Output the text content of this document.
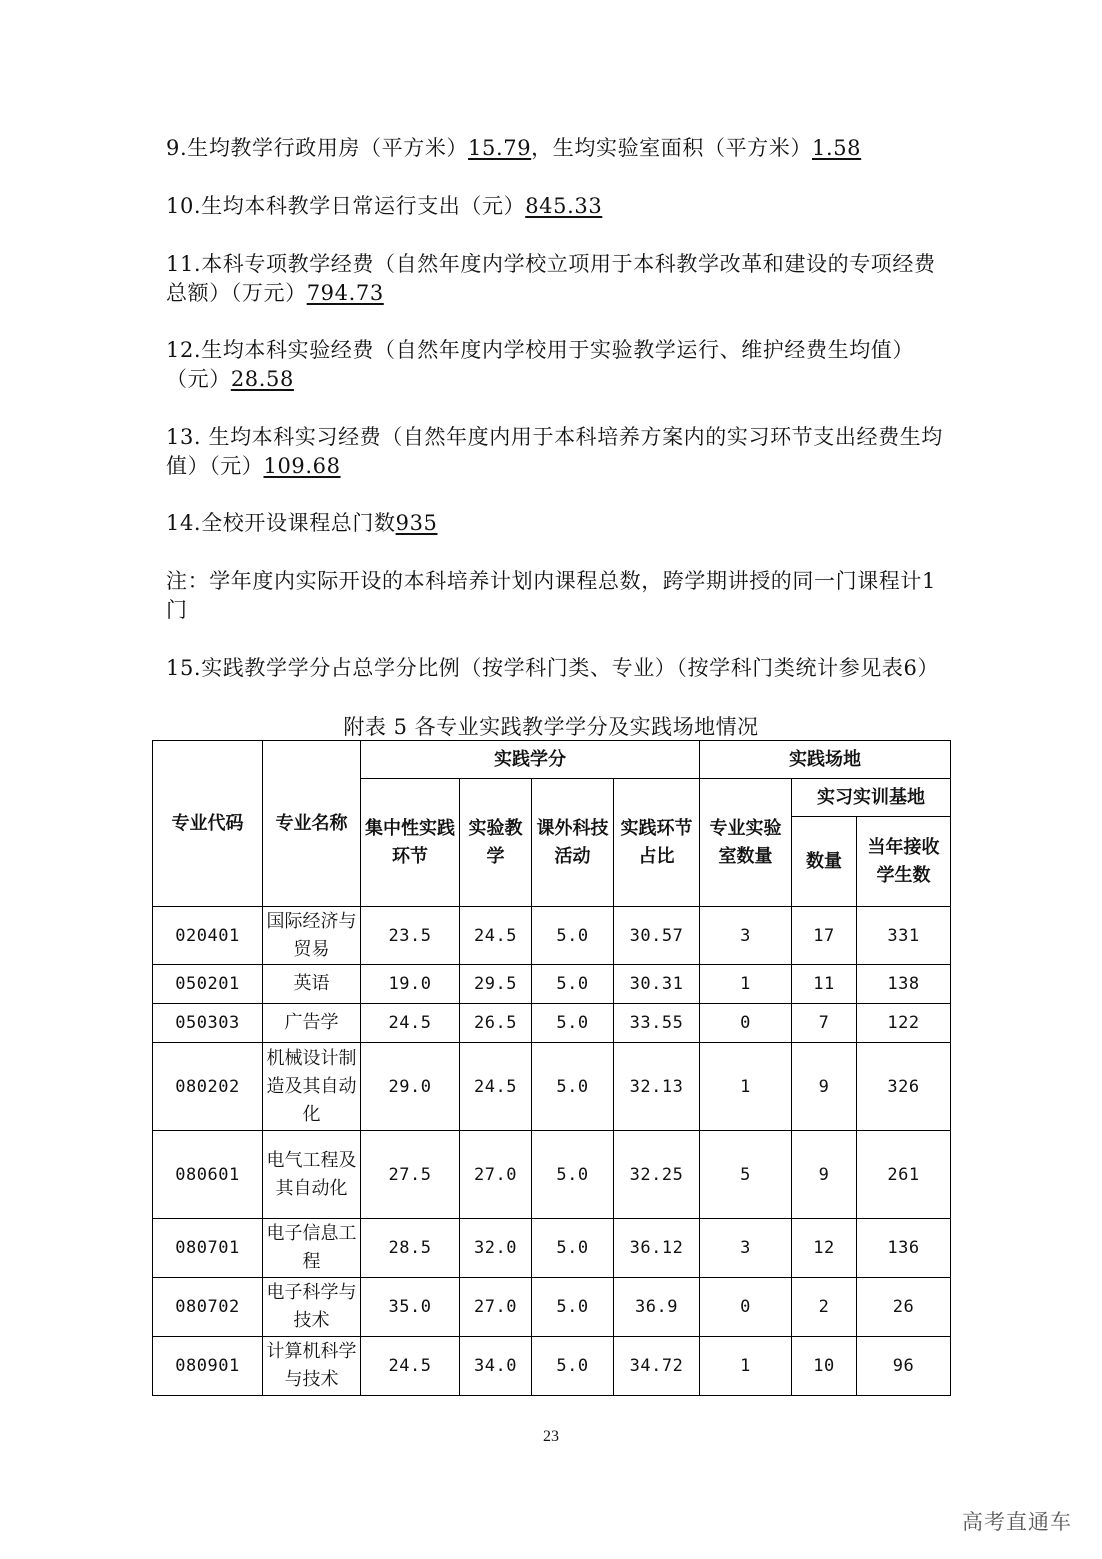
9.生均教学行政用房（平方米）15.79，生均实验室面积（平方米）1.58

10.生均本科教学日常运行支出（元）845.33

11.本科专项教学经费（自然年度内学校立项用于本科教学改革和建设的专项经费总额）（万元）794.73

12.生均本科实验经费（自然年度内学校用于实验教学运行、维护经费生均值）（元）28.58

13. 生均本科实习经费（自然年度内用于本科培养方案内的实习环节支出经费生均值）（元）109.68

14.全校开设课程总门数935

注：学年度内实际开设的本科培养计划内课程总数，跨学期讲授的同一门课程计1门

15.实践教学学分占总学分比例（按学科门类、专业）（按学科门类统计参见表6）

附表 5 各专业实践教学学分及实践场地情况
专业代码	专业名称	实践学分				实践场地		
		集中性实践环节	实验教学	课外科技活动	实践环节占比	专业实验室数量	实习实训基地	
							数量	当年接收学生数
020401	国际经济与贸易	23.5	24.5	5.0	30.57	3	17	331
050201	英语	19.0	29.5	5.0	30.31	1	11	138
050303	广告学	24.5	26.5	5.0	33.55	0	7	122
080202	机械设计制造及其自动化	29.0	24.5	5.0	32.13	1	9	326
080601	电气工程及其自动化	27.5	27.0	5.0	32.25	5	9	261
080701	电子信息工程	28.5	32.0	5.0	36.12	3	12	136
080702	电子科学与技术	35.0	27.0	5.0	36.9	0	2	26
080901	计算机科学与技术	24.5	34.0	5.0	34.72	1	10	96
23
高考直通车
